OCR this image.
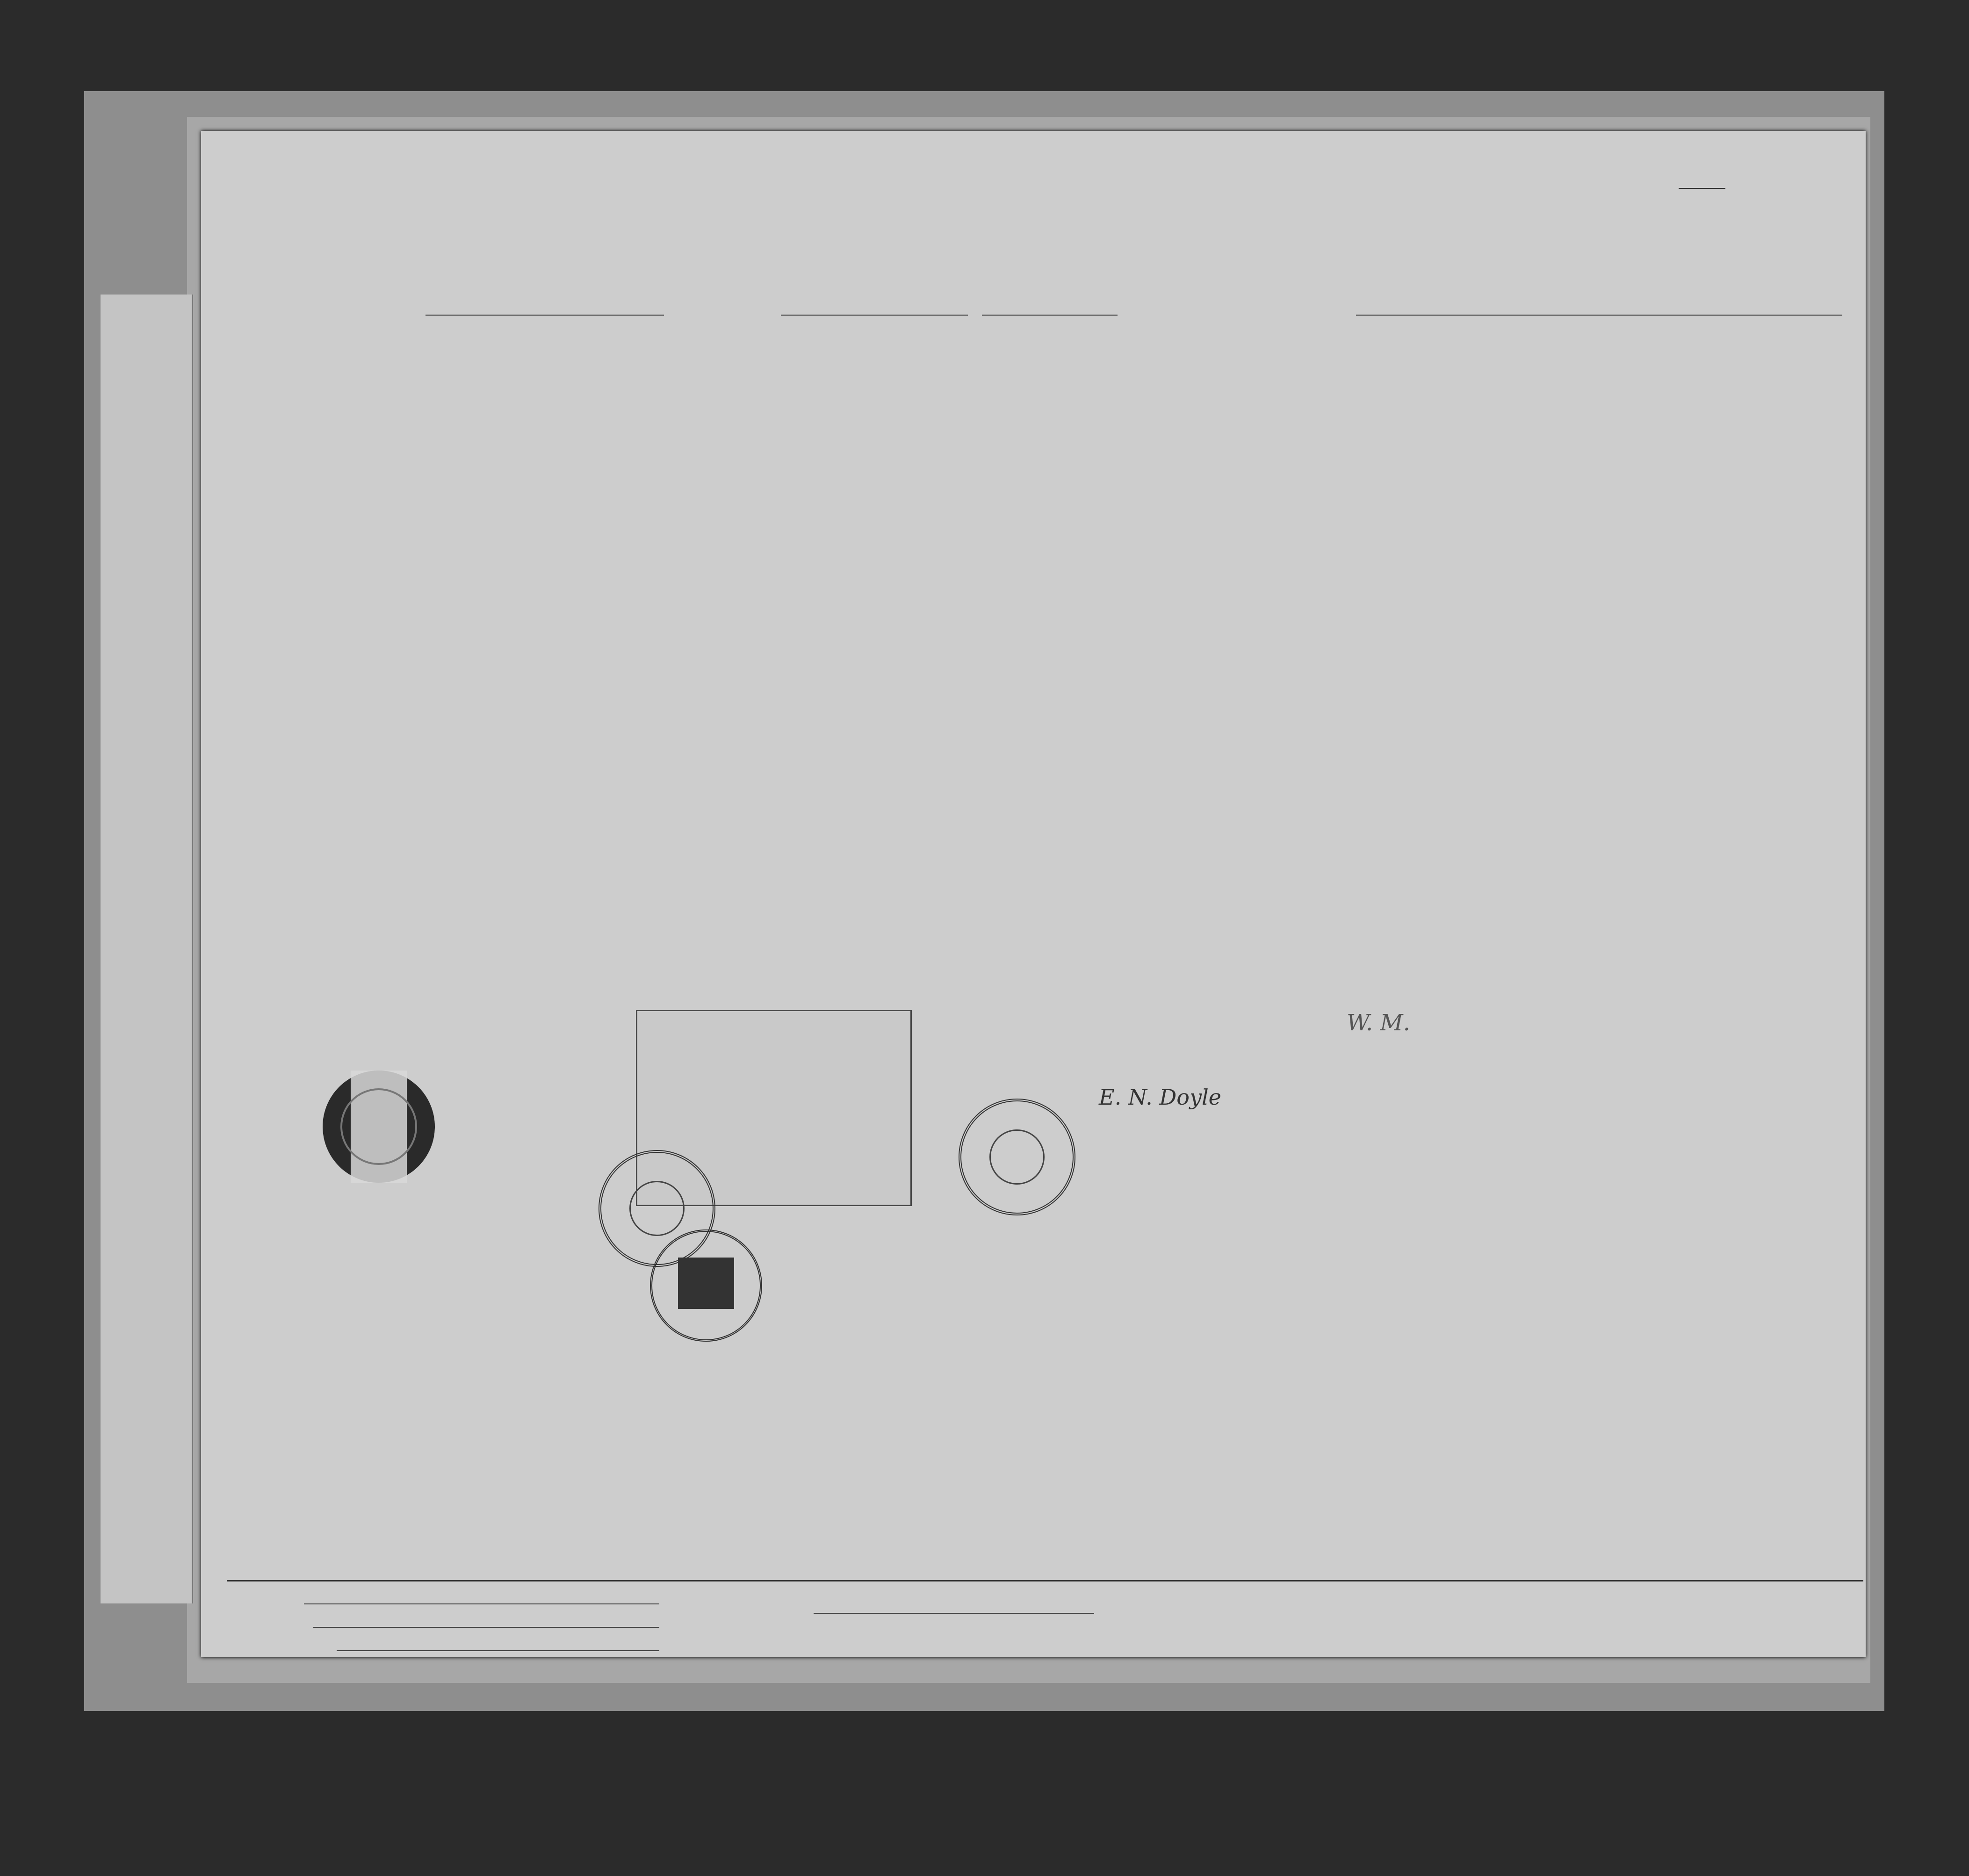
E. N. Doyle
W. M.
